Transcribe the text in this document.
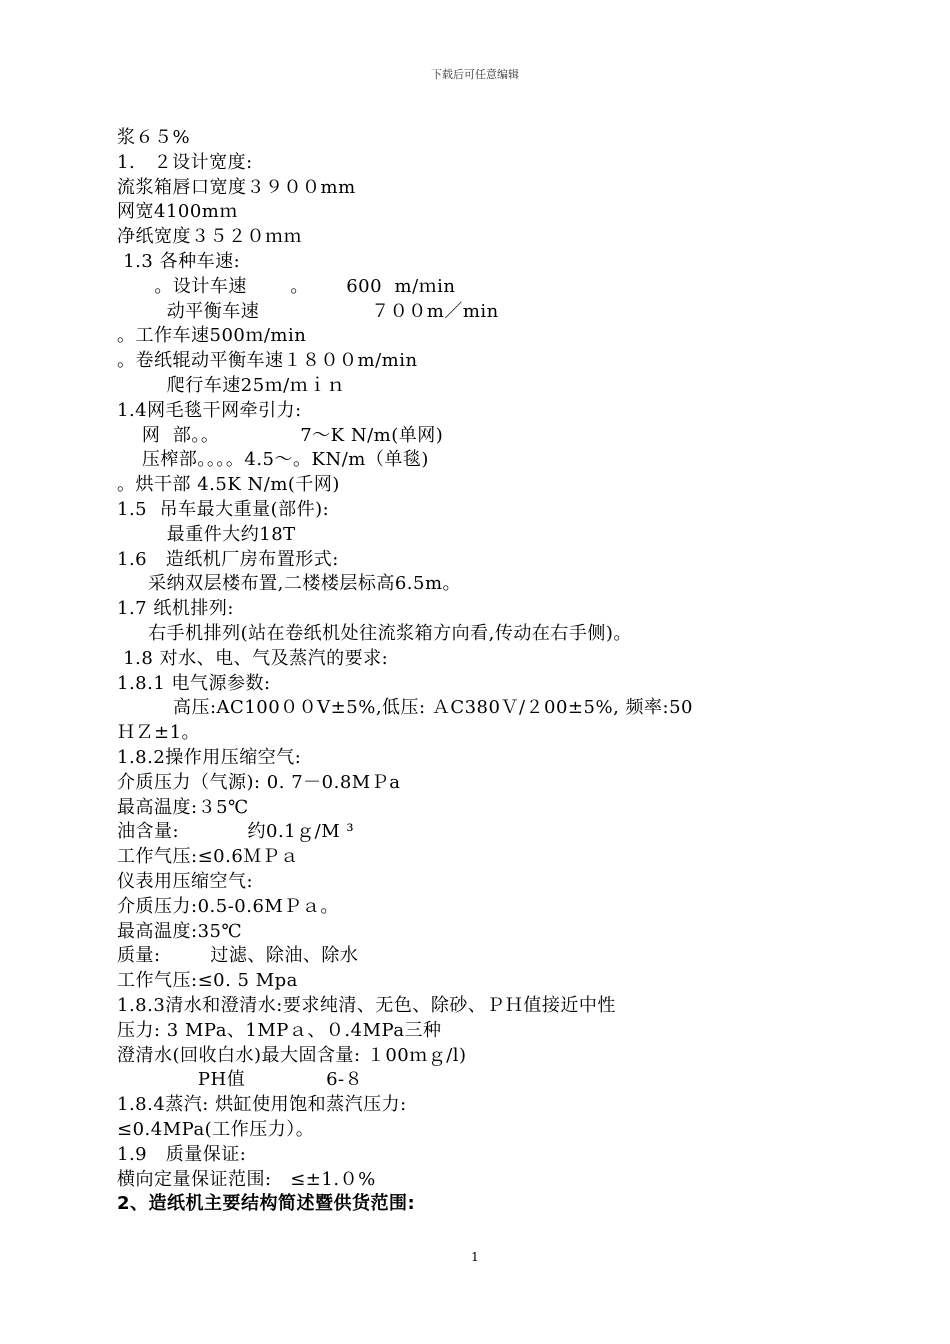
下载后可任意编辑
浆６５%
1.　２设计宽度:
流浆箱唇口宽度３９００mm
网宽4100mｍ
净纸宽度３５２０ｍｍ
1.3 各种车速:
。设计车速       。      600  m/ｍin
动平衡车速                  ７００m／min
。工作车速500ｍ/min
。卷纸辊动平衡车速１８００m/min
爬行车速25ｍ/ｍｉｎ
1.4网毛毯干网牵引力:
网  部。。             7～K N/m(单网)
压榨部。。。。4.5～。KN/m（单毯)
。烘干部 4.5K N/m(千网)
1.5  吊车最大重量(部件):
最重件大约18T
1.6   造纸机厂房布置形式:
采纳双层楼布置,二楼楼层标高6.5m。
1.7 纸机排列:
右手机排列(站在卷纸机处往流浆箱方向看,传动在右手侧)。
1.8 对水、电、气及蒸汽的要求:
1.8.1 电气源参数:
高压:AC100００V±5%,低压: ＡC380Ｖ/２00±5%, 频率:50
ＨＺ±1。
1.8.2操作用压缩空气:
介质压力（气源): 0. 7－0.8MＰa
最高温度:３5℃
油含量:           约0.1ｇ/M ³
工作气压:≤0.6ＭＰａ
仪表用压缩空气:
介质压力:0.5-0.6MＰａ。
最高温度:35℃
质量:        过滤、除油、除水
工作气压:≤0. 5 Mpa
1.8.3清水和澄清水:要求纯清、无色、除砂、ＰＨ值接近中性
压力: 3 MPa、1MPａ、０.4MPa三种
澄清水(回收白水)最大固含量: １00ｍｇ/l)
PH值             6-８
1.8.4蒸汽: 烘缸使用饱和蒸汽压力:
≤0.4MPa(工作压力）。
1.9   质量保证:
横向定量保证范围:   ≤±1.０%
2、造纸机主要结构简述暨供货范围:
1
